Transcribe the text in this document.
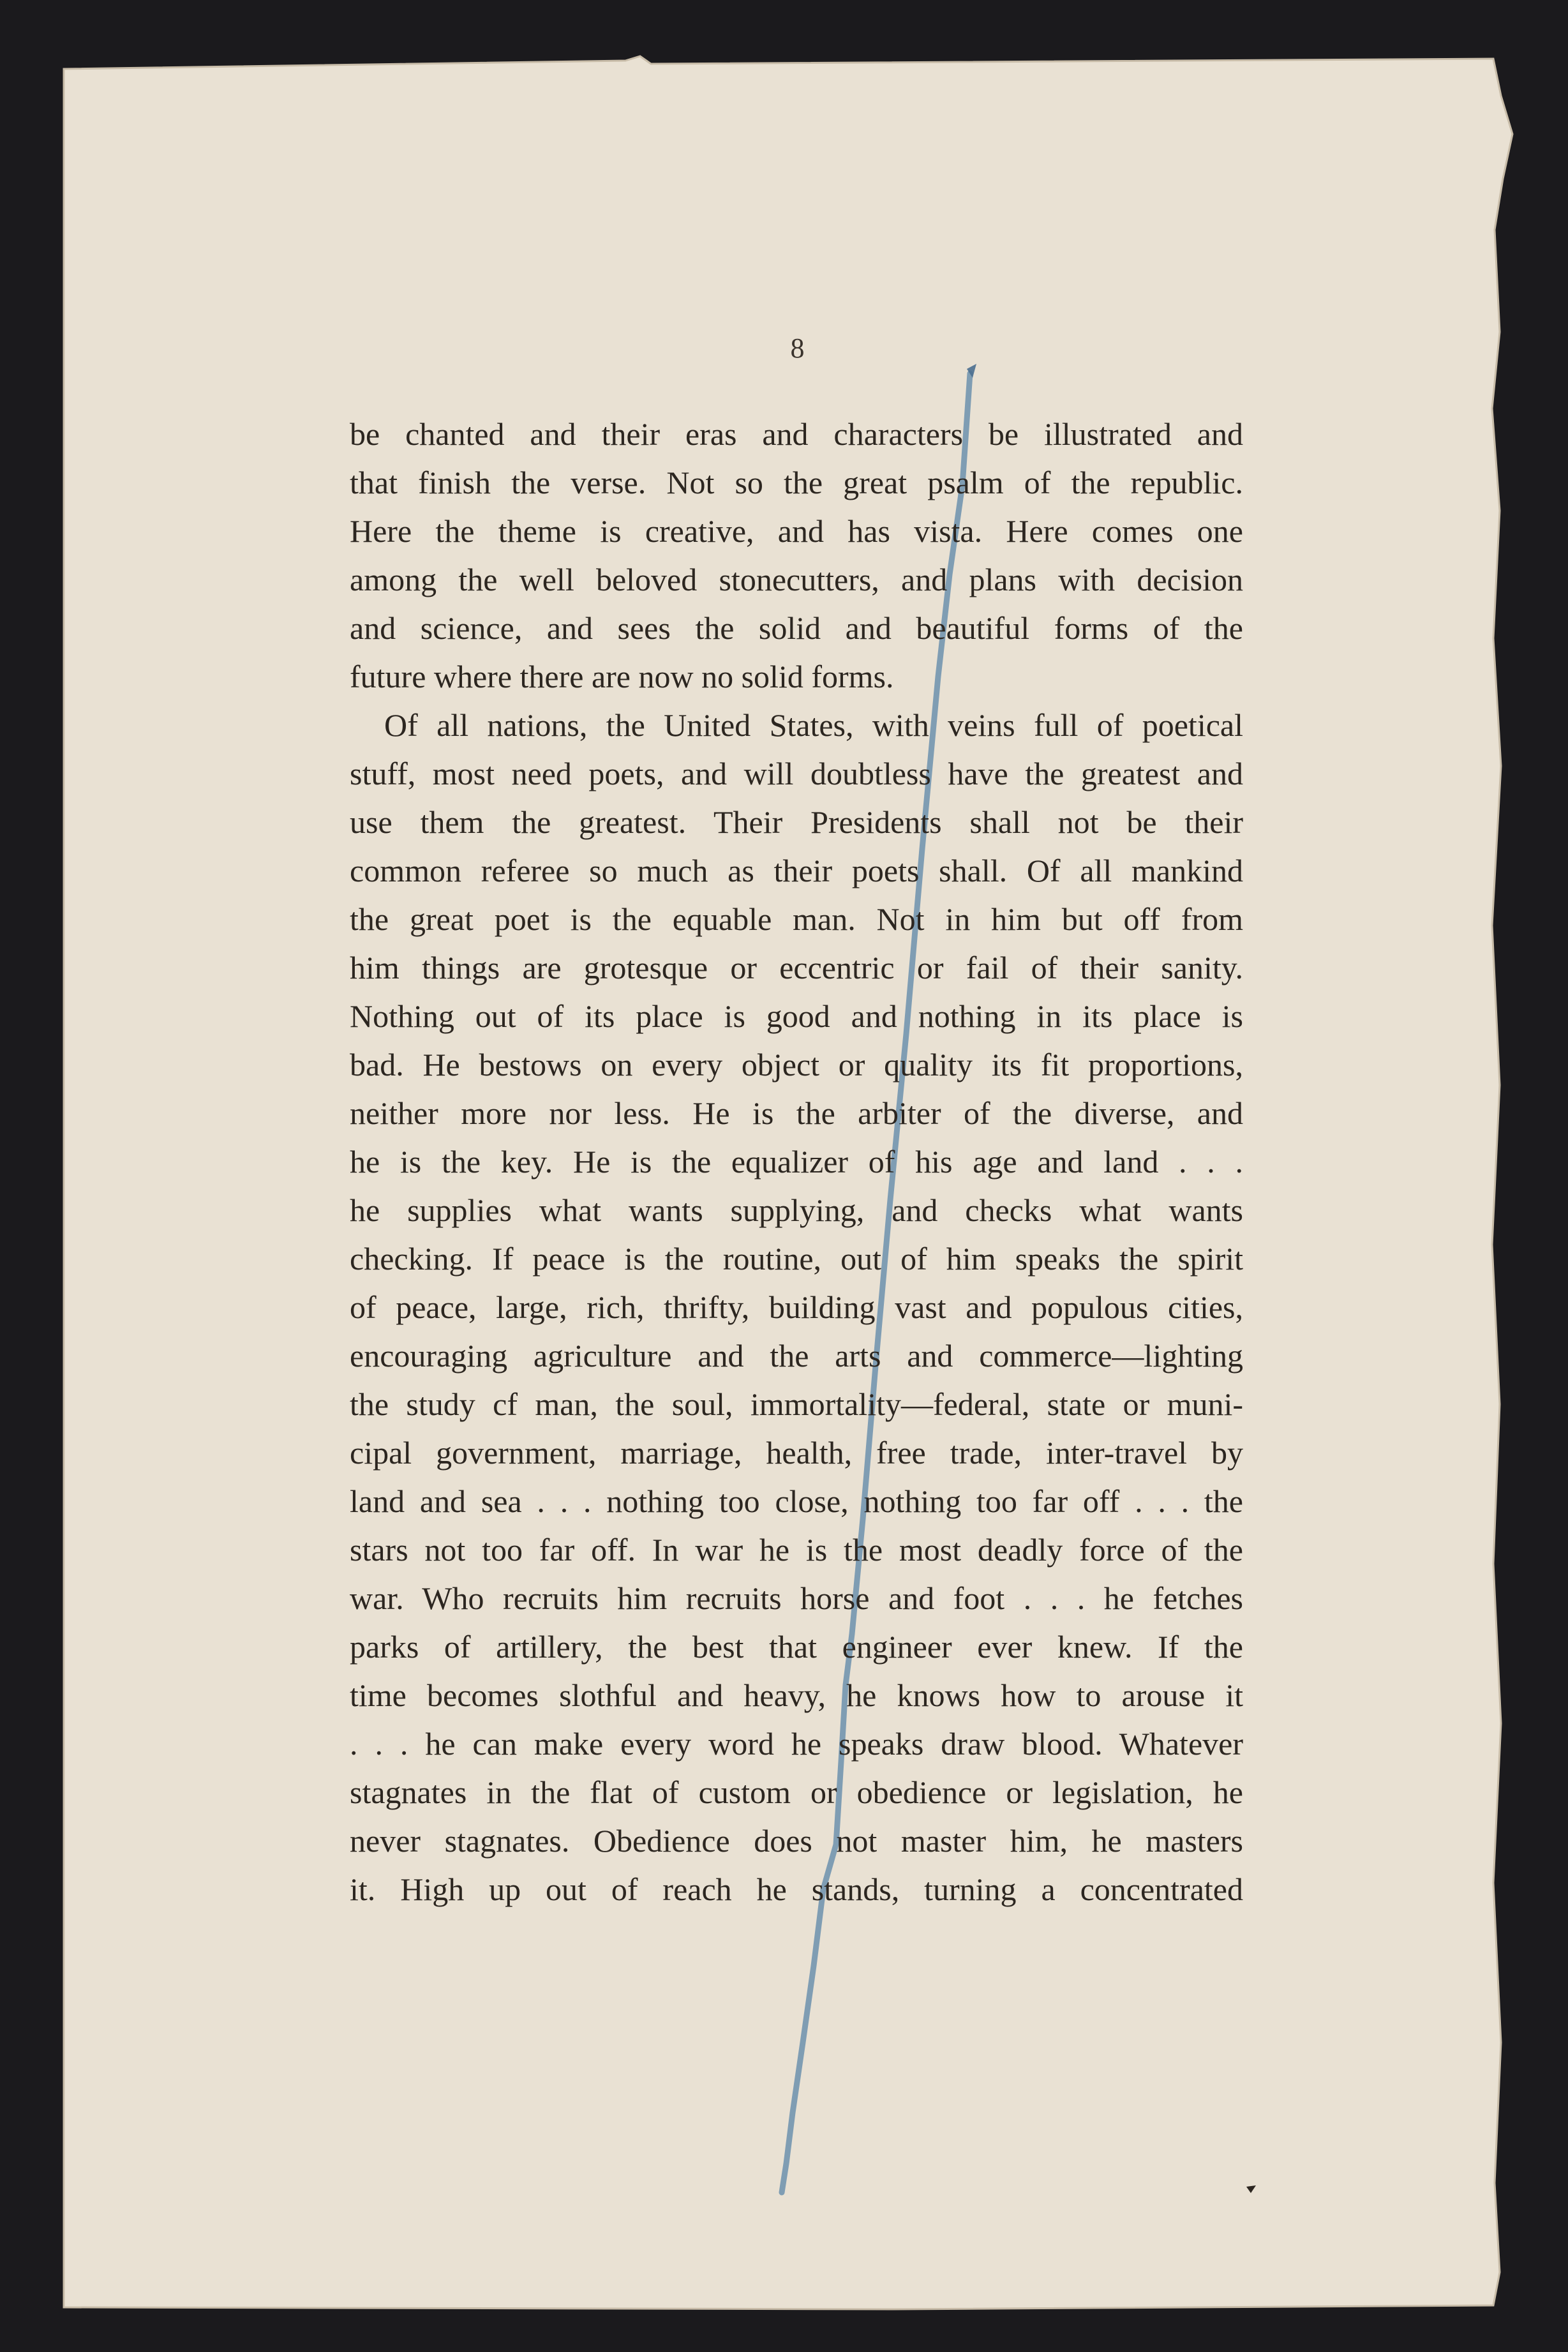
8
be chanted and their eras and characters be illustrated and
that finish the verse. Not so the great psalm of the republic.
Here the theme is creative, and has vista. Here comes one
among the well beloved stonecutters, and plans with decision
and science, and sees the solid and beautiful forms of the
future where there are now no solid forms.
Of all nations, the United States, with veins full of poetical
stuff, most need poets, and will doubtless have the greatest and
use them the greatest. Their Presidents shall not be their
common referee so much as their poets shall. Of all mankind
the great poet is the equable man. Not in him but off from
him things are grotesque or eccentric or fail of their sanity.
Nothing out of its place is good and nothing in its place is
bad. He bestows on every object or quality its fit proportions,
neither more nor less. He is the arbiter of the diverse, and
he is the key. He is the equalizer of his age and land . . .
he supplies what wants supplying, and checks what wants
checking. If peace is the routine, out of him speaks the spirit
of peace, large, rich, thrifty, building vast and populous cities,
encouraging agriculture and the arts and commerce—lighting
the study cf man, the soul, immortality—federal, state or muni-
cipal government, marriage, health, free trade, inter-travel by
land and sea . . . nothing too close, nothing too far off . . . the
stars not too far off. In war he is the most deadly force of the
war. Who recruits him recruits horse and foot . . . he fetches
parks of artillery, the best that engineer ever knew. If the
time becomes slothful and heavy, he knows how to arouse it
. . . he can make every word he speaks draw blood. Whatever
stagnates in the flat of custom or obedience or legislation, he
never stagnates. Obedience does not master him, he masters
it. High up out of reach he stands, turning a concentrated
